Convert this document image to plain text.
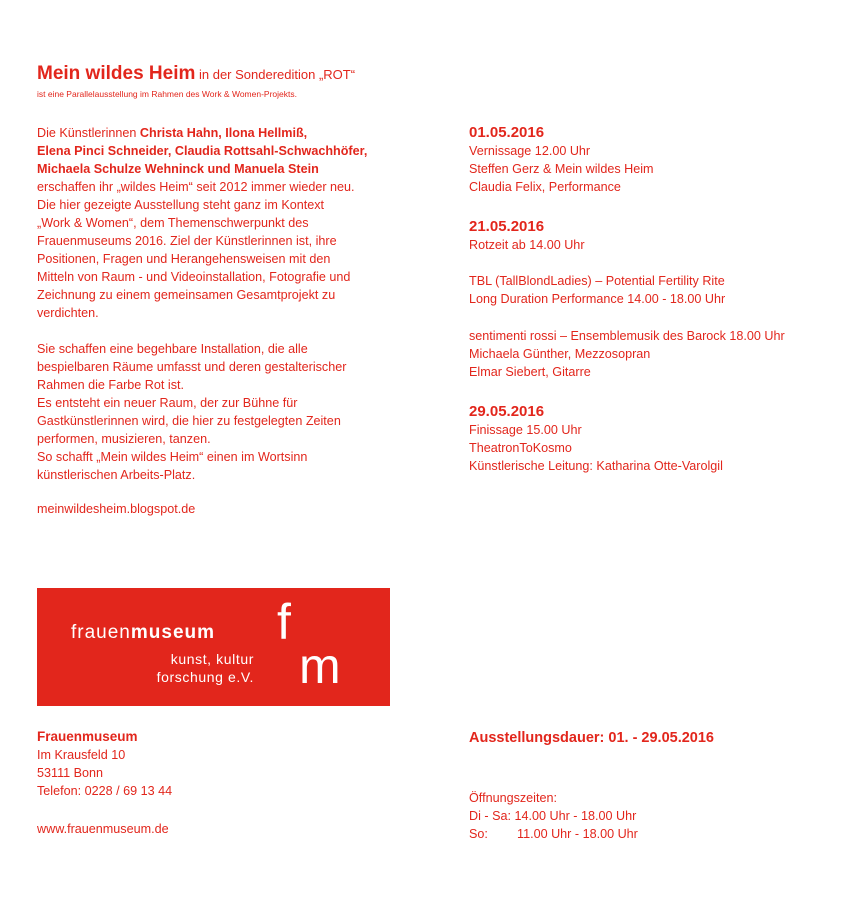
Mein wildes Heim in der Sonderedition „ROT“
ist eine Parallelausstellung im Rahmen des Work & Women-Projekts.
Die Künstlerinnen Christa Hahn, Ilona Hellmiß,
Elena Pinci Schneider, Claudia Rottsahl-Schwachhöfer,
Michaela Schulze Wehninck und Manuela Stein
erschaffen ihr „wildes Heim“ seit 2012 immer wieder neu.
Die hier gezeigte Ausstellung steht ganz im Kontext
„Work & Women“, dem Themenschwerpunkt des
Frauenmuseums 2016. Ziel der Künstlerinnen ist, ihre
Positionen, Fragen und Herangehensweisen mit den
Mitteln von Raum - und Videoinstallation, Fotografie und
Zeichnung zu einem gemeinsamen Gesamtprojekt zu
verdichten.
Sie schaffen eine begehbare Installation, die alle
bespielbaren Räume umfasst und deren gestalterischer
Rahmen die Farbe Rot ist.
Es entsteht ein neuer Raum, der zur Bühne für
Gastkünstlerinnen wird, die hier zu festgelegten Zeiten
performen, musizieren, tanzen.
So schafft „Mein wildes Heim“ einen im Wortsinn
künstlerischen Arbeits-Platz.
meinwildesheim.blogspot.de
01.05.2016
Vernissage 12.00 Uhr
Steffen Gerz & Mein wildes Heim
Claudia Felix, Performance
21.05.2016
Rotzeit ab 14.00 Uhr
TBL (TallBlondLadies) – Potential Fertility Rite
Long Duration Performance 14.00 - 18.00 Uhr
sentimenti rossi – Ensemblemusik des Barock 18.00 Uhr
Michaela Günther, Mezzosopran
Elmar Siebert, Gitarre
29.05.2016
Finissage 15.00 Uhr
TheatronToKosmo
Künstlerische Leitung: Katharina Otte-Varolgil
frauenmuseum
kunst, kultur
forschung e.V.
f
m
Frauenmuseum
Im Krausfeld 10
53111 Bonn
Telefon: 0228 / 69 13 44
www.frauenmuseum.de
Ausstellungsdauer: 01. - 29.05.2016
Öffnungszeiten:
Di - Sa: 14.00 Uhr - 18.00 Uhr
So: 11.00 Uhr - 18.00 Uhr
